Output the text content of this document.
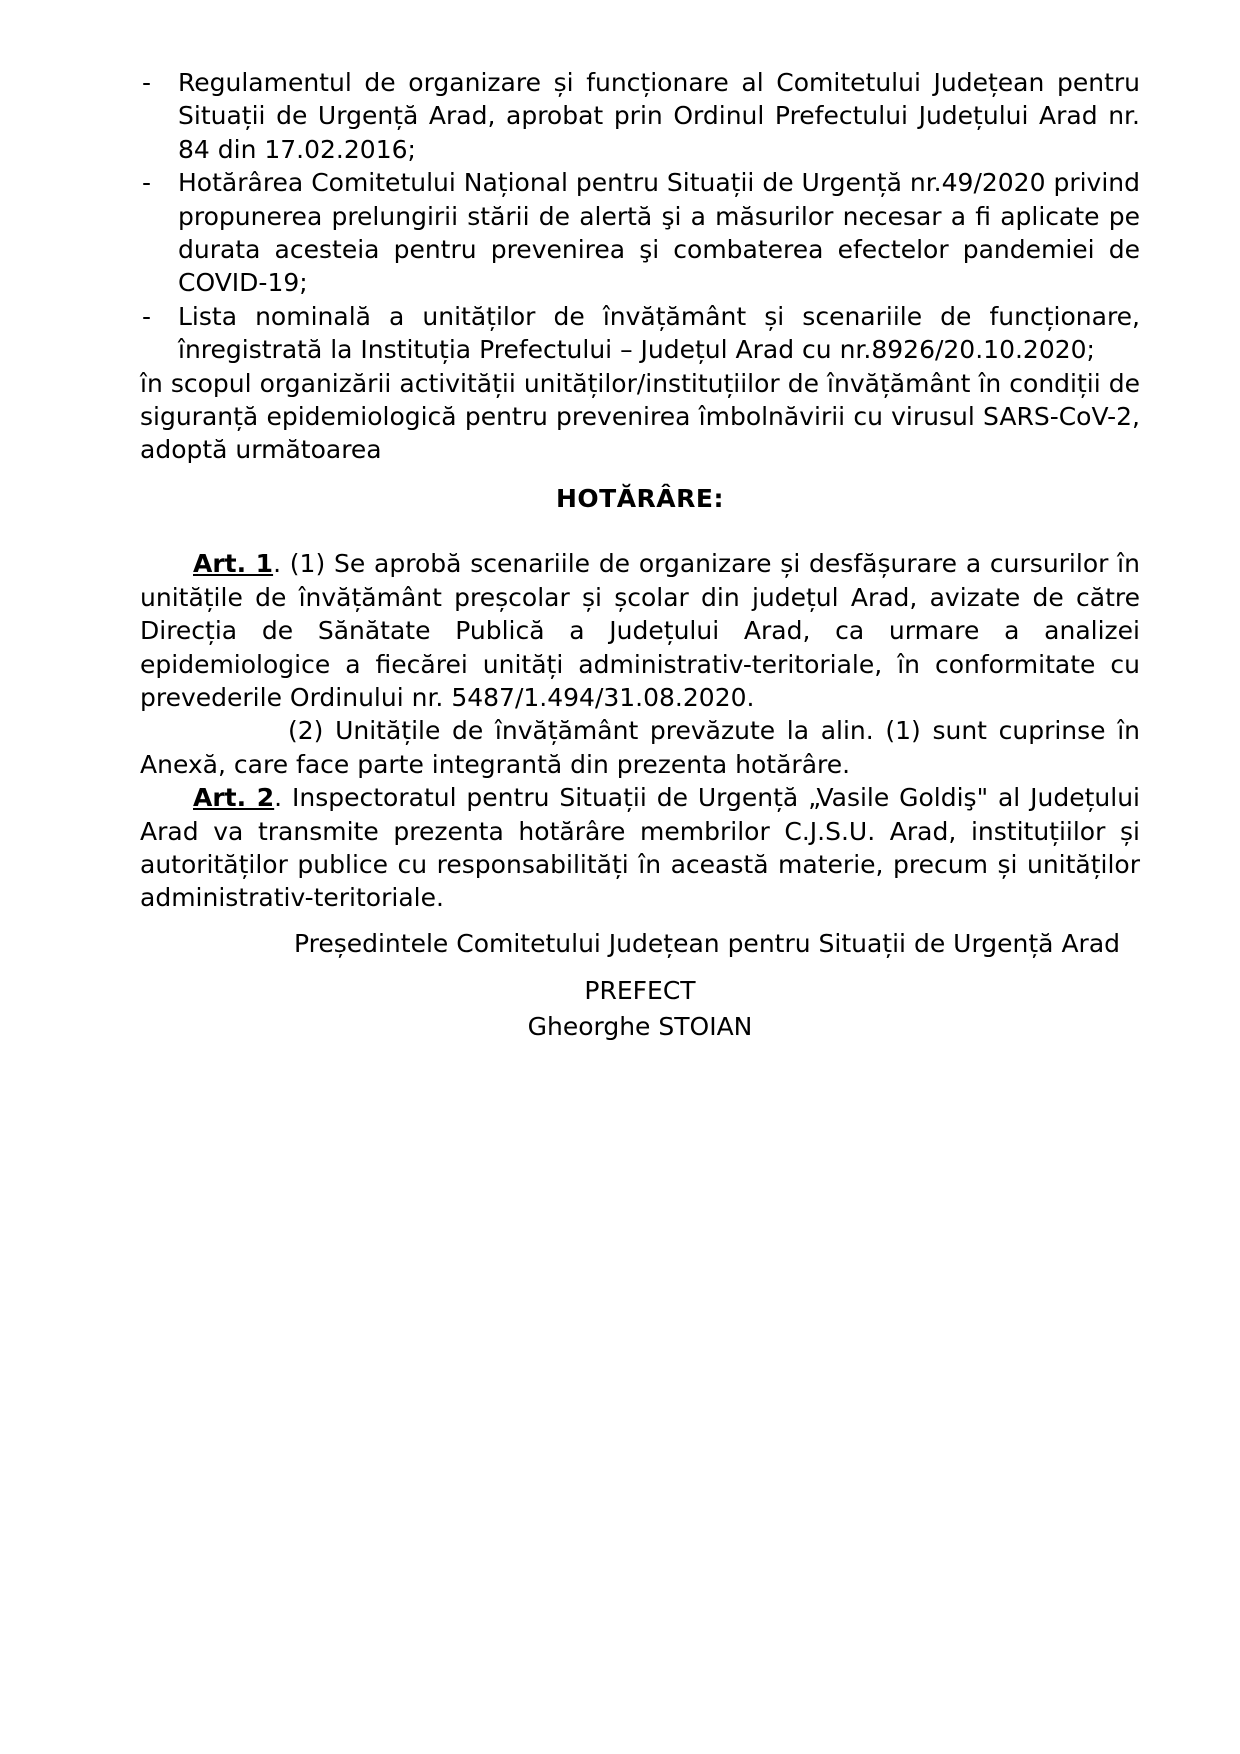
- Regulamentul de organizare și funcționare al Comitetului Județean pentru Situații de Urgență Arad, aprobat prin Ordinul Prefectului Județului Arad nr. 84 din 17.02.2016;
- Hotărârea Comitetului Național pentru Situații de Urgență nr.49/2020 privind propunerea prelungirii stării de alertă şi a măsurilor necesar a fi aplicate pe durata acesteia pentru prevenirea şi combaterea efectelor pandemiei de COVID-19;
- Lista nominală a unităților de învățământ și scenariile de funcționare, înregistrată la Instituția Prefectului – Județul Arad cu nr.8926/20.10.2020;
în scopul organizării activității unităților/instituțiilor de învățământ în condiții de siguranță epidemiologică pentru prevenirea îmbolnăvirii cu virusul SARS-CoV-2, adoptă următoarea
HOTĂRÂRE:
Art. 1. (1) Se aprobă scenariile de organizare și desfășurare a cursurilor în unitățile de învățământ preșcolar și școlar din județul Arad, avizate de către Direcția de Sănătate Publică a Județului Arad, ca urmare a analizei epidemiologice a fiecărei unități administrativ-teritoriale, în conformitate cu prevederile Ordinului nr. 5487/1.494/31.08.2020.
(2) Unitățile de învățământ prevăzute la alin. (1) sunt cuprinse în Anexă, care face parte integrantă din prezenta hotărâre.
Art. 2. Inspectoratul pentru Situații de Urgență „Vasile Goldiş" al Județului Arad va transmite prezenta hotărâre membrilor C.J.S.U. Arad, instituțiilor și autorităților publice cu responsabilități în această materie, precum și unităților administrativ-teritoriale.
Președintele Comitetului Județean pentru Situații de Urgență Arad
PREFECT
Gheorghe STOIAN
